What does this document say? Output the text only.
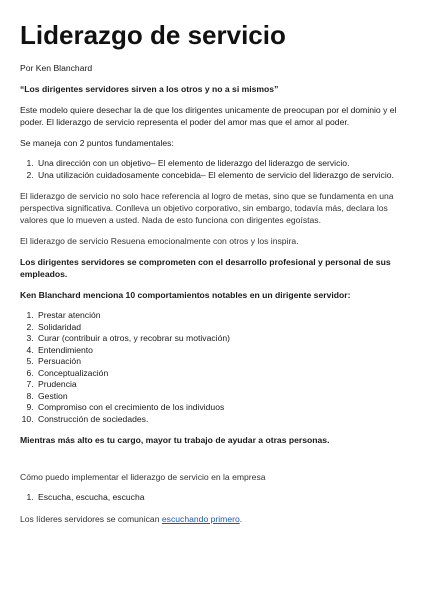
Liderazgo de servicio

Por Ken Blanchard

“Los dirigentes servidores sirven a los otros y no a si mismos”

Este modelo quiere desechar la de que los dirigentes unicamente de preocupan por el dominio y el poder. El liderazgo de servicio representa el poder del amor mas que el amor al poder.

Se maneja con 2 puntos fundamentales:

1. Una dirección con un objetivo– El elemento de liderazgo del liderazgo de servicio.
2. Una utilización cuidadosamente concebida– El elemento de servicio del liderazgo de servicio.

El liderazgo de servicio no solo hace referencia al logro de metas, sino que se fundamenta en una perspectiva significativa. Conlleva un objetivo corporativo, sin embargo, todavía más, declara los valores que lo mueven a usted. Nada de esto funciona con dirigentes egoístas.

El liderazgo de servicio Resuena emocionalmente con otros y los inspira.

Los dirigentes servidores se comprometen con el desarrollo profesional y personal de sus empleados.

Ken Blanchard menciona 10 comportamientos notables en un dirigente servidor:

1. Prestar atención
2. Solidaridad
3. Curar (contribuir a otros, y recobrar su motivación)
4. Entendimiento
5. Persuación
6. Conceptualización
7. Prudencia
8. Gestion
9. Compromiso con el crecimiento de los individuos
10. Construcción de sociedades.

Mientras más alto es tu cargo, mayor tu trabajo de ayudar a otras personas.

Cómo puedo implementar el liderazgo de servicio en la empresa

1. Escucha, escucha, escucha

Los líderes servidores se comunican escuchando primero.
